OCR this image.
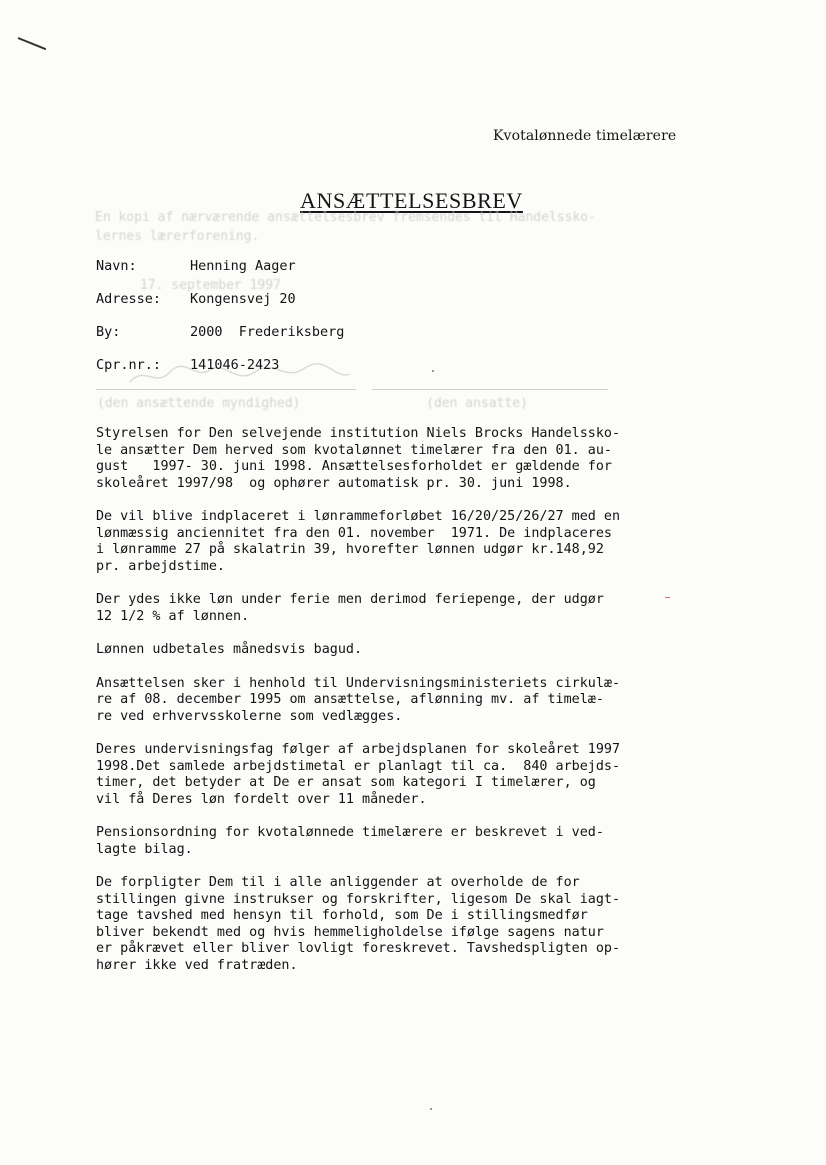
Kvotalønnede timelærere
ANSÆTTELSESBREV
En kopi af nærværende ansættelsesbrev fremsendes til Handelssko-
lernes lærerforening.
17. september 1997
(den ansættende myndighed)	(den ansatte)
Navn:	Henning Aager
Adresse: Kongensvej 20
By:	2000  Frederiksberg
Cpr.nr.: 141046-2423

Styrelsen for Den selvejende institution Niels Brocks Handelssko-
le ansætter Dem herved som kvotalønnet timelærer fra den 01. au-
gust   1997- 30. juni 1998. Ansættelsesforholdet er gældende for
skoleåret 1997/98  og ophører automatisk pr. 30. juni 1998.

De vil blive indplaceret i lønrammeforløbet 16/20/25/26/27 med en
lønmæssig anciennitet fra den 01. november  1971. De indplaceres
i lønramme 27 på skalatrin 39, hvorefter lønnen udgør kr.148,92
pr. arbejdstime.

Der ydes ikke løn under ferie men derimod feriepenge, der udgør
12 1/2 % af lønnen.

Lønnen udbetales månedsvis bagud.

Ansættelsen sker i henhold til Undervisningsministeriets cirkulæ-
re af 08. december 1995 om ansættelse, aflønning mv. af timelæ-
re ved erhvervsskolerne som vedlægges.

Deres undervisningsfag følger af arbejdsplanen for skoleåret 1997
1998.Det samlede arbejdstimetal er planlagt til ca.  840 arbejds-
timer, det betyder at De er ansat som kategori I timelærer, og
vil få Deres løn fordelt over 11 måneder.

Pensionsordning for kvotalønnede timelærere er beskrevet i ved-
lagte bilag.

De forpligter Dem til i alle anliggender at overholde de for
stillingen givne instrukser og forskrifter, ligesom De skal iagt-
tage tavshed med hensyn til forhold, som De i stillingsmedfør
bliver bekendt med og hvis hemmeligholdelse ifølge sagens natur
er påkrævet eller bliver lovligt foreskrevet. Tavshedspligten op-
hører ikke ved fratræden.
